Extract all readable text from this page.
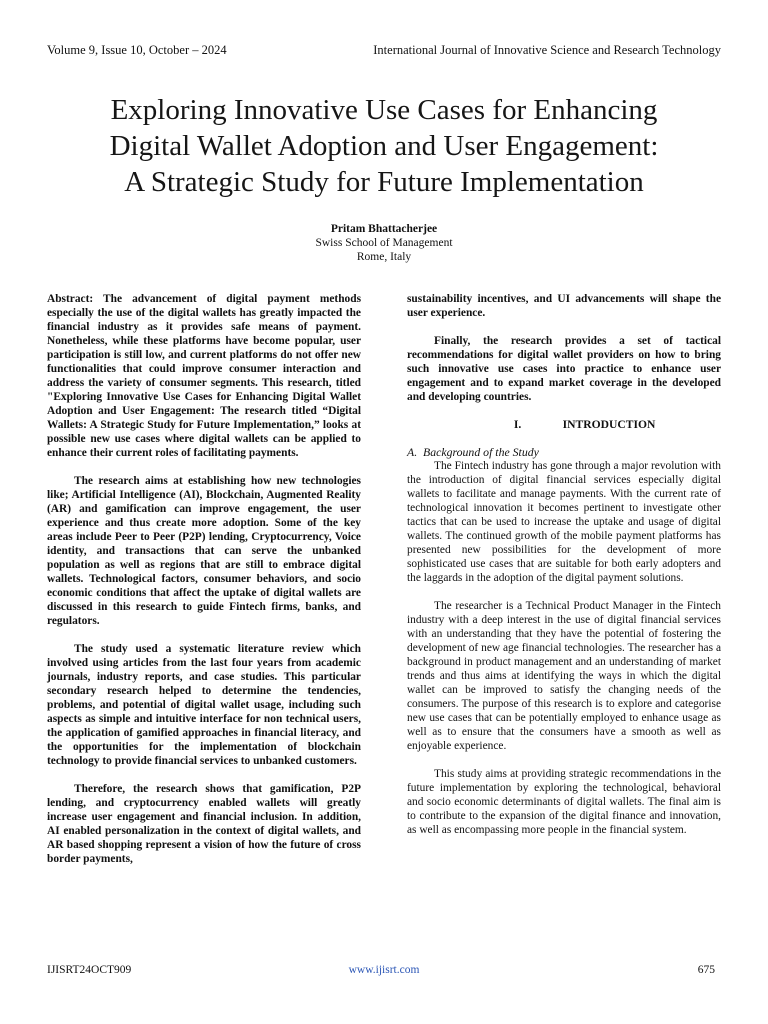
Volume 9, Issue 10, October – 2024	International Journal of Innovative Science and Research Technology
Exploring Innovative Use Cases for Enhancing
Digital Wallet Adoption and User Engagement:
A Strategic Study for Future Implementation
Pritam Bhattacherjee
Swiss School of Management
Rome, Italy

Abstract: The advancement of digital payment methods especially the use of the digital wallets has greatly impacted the financial industry as it provides safe means of payment. Nonetheless, while these platforms have become popular, user participation is still low, and current platforms do not offer new functionalities that could improve consumer interaction and address the variety of consumer segments. This research, titled "Exploring Innovative Use Cases for Enhancing Digital Wallet Adoption and User Engagement: The research titled “Digital Wallets: A Strategic Study for Future Implementation,” looks at possible new use cases where digital wallets can be applied to enhance their current roles of facilitating payments.

The research aims at establishing how new technologies like; Artificial Intelligence (AI), Blockchain, Augmented Reality (AR) and gamification can improve engagement, the user experience and thus create more adoption. Some of the key areas include Peer to Peer (P2P) lending, Cryptocurrency, Voice identity, and transactions that can serve the unbanked population as well as regions that are still to embrace digital wallets. Technological factors, consumer behaviors, and socio economic conditions that affect the uptake of digital wallets are discussed in this research to guide Fintech firms, banks, and regulators.

The study used a systematic literature review which involved using articles from the last four years from academic journals, industry reports, and case studies. This particular secondary research helped to determine the tendencies, problems, and potential of digital wallet usage, including such aspects as simple and intuitive interface for non technical users, the application of gamified approaches in financial literacy, and the opportunities for the implementation of blockchain technology to provide financial services to unbanked customers.

Therefore, the research shows that gamification, P2P lending, and cryptocurrency enabled wallets will greatly increase user engagement and financial inclusion. In addition, AI enabled personalization in the context of digital wallets, and AR based shopping represent a vision of how the future of cross border payments,

sustainability incentives, and UI advancements will shape the user experience.

Finally, the research provides a set of tactical recommendations for digital wallet providers on how to bring such innovative use cases into practice to enhance user engagement and to expand market coverage in the developed and developing countries.

I.	INTRODUCTION
A. Background of the Study

The Fintech industry has gone through a major revolution with the introduction of digital financial services especially digital wallets to facilitate and manage payments. With the current rate of technological innovation it becomes pertinent to investigate other tactics that can be used to increase the uptake and usage of digital wallets. The continued growth of the mobile payment platforms has presented new possibilities for the development of more sophisticated use cases that are suitable for both early adopters and the laggards in the adoption of the digital payment solutions.

The researcher is a Technical Product Manager in the Fintech industry with a deep interest in the use of digital financial services with an understanding that they have the potential of fostering the development of new age financial technologies. The researcher has a background in product management and an understanding of market trends and thus aims at identifying the ways in which the digital wallet can be improved to satisfy the changing needs of the consumers. The purpose of this research is to explore and categorise new use cases that can be potentially employed to enhance usage as well as to ensure that the consumers have a smooth as well as enjoyable experience.

This study aims at providing strategic recommendations in the future implementation by exploring the technological, behavioral and socio economic determinants of digital wallets. The final aim is to contribute to the expansion of the digital finance and innovation, as well as encompassing more people in the financial system.

IJISRT24OCT909	www.ijisrt.com	675
